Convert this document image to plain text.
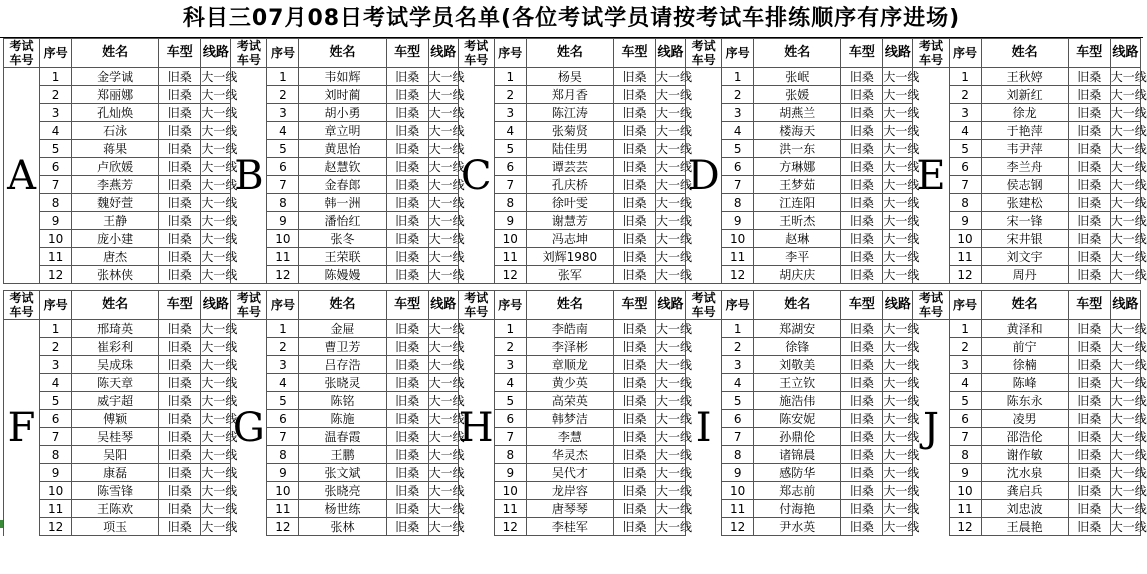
科目三07月08日考试学员名单(各位考试学员请按考试车排练顺序有序进场)
考试车号	序号	姓名	车型	线路	考试车号	序号	姓名	车型	线路	考试车号	序号	姓名	车型	线路	考试车号	序号	姓名	车型	线路	考试车号	序号	姓名	车型	线路
A	1	金学诚	旧桑	大一线	B	1	韦如辉	旧桑	大一线	C	1	杨昊	旧桑	大一线	D	1	张岷	旧桑	大一线	E	1	王秋婷	旧桑	大一线
	2	郑丽娜	旧桑	大一线		2	刘时蔺	旧桑	大一线		2	郑月香	旧桑	大一线		2	张媛	旧桑	大一线		2	刘新红	旧桑	大一线
	3	孔灿焕	旧桑	大一线		3	胡小勇	旧桑	大一线		3	陈江涛	旧桑	大一线		3	胡燕兰	旧桑	大一线		3	徐龙	旧桑	大一线
	4	石泳	旧桑	大一线		4	章立明	旧桑	大一线		4	张菊贤	旧桑	大一线		4	楼海天	旧桑	大一线		4	于艳萍	旧桑	大一线
	5	蒋果	旧桑	大一线		5	黄思怡	旧桑	大一线		5	陆佳男	旧桑	大一线		5	洪一东	旧桑	大一线		5	韦尹萍	旧桑	大一线
	6	卢欣媛	旧桑	大一线		6	赵慧钦	旧桑	大一线		6	谭芸芸	旧桑	大一线		6	方琳娜	旧桑	大一线		6	李兰舟	旧桑	大一线
	7	李燕芳	旧桑	大一线		7	金春郎	旧桑	大一线		7	孔庆桥	旧桑	大一线		7	王梦茹	旧桑	大一线		7	侯志钢	旧桑	大一线
	8	魏妤萱	旧桑	大一线		8	韩一洲	旧桑	大一线		8	徐叶雯	旧桑	大一线		8	江连阳	旧桑	大一线		8	张建松	旧桑	大一线
	9	王静	旧桑	大一线		9	潘怡红	旧桑	大一线		9	谢慧芳	旧桑	大一线		9	王昕杰	旧桑	大一线		9	宋一锋	旧桑	大一线
	10	庞小建	旧桑	大一线		10	张冬	旧桑	大一线		10	冯志坤	旧桑	大一线		10	赵琳	旧桑	大一线		10	宋井银	旧桑	大一线
	11	唐杰	旧桑	大一线		11	王荣联	旧桑	大一线		11	刘辉1980	旧桑	大一线		11	李平	旧桑	大一线		11	刘文宇	旧桑	大一线
	12	张林侠	旧桑	大一线		12	陈嫚嫚	旧桑	大一线		12	张军	旧桑	大一线		12	胡庆庆	旧桑	大一线		12	周丹	旧桑	大一线

考试车号	序号	姓名	车型	线路	考试车号	序号	姓名	车型	线路	考试车号	序号	姓名	车型	线路	考试车号	序号	姓名	车型	线路	考试车号	序号	姓名	车型	线路
F	1	邢琦英	旧桑	大一线	G	1	金屉	旧桑	大一线	H	1	李皓南	旧桑	大一线	I	1	郑湖安	旧桑	大一线	J	1	黄泽和	旧桑	大一线
	2	崔彩利	旧桑	大一线		2	曹卫芳	旧桑	大一线		2	李泽彬	旧桑	大一线		2	徐锋	旧桑	大一线		2	前宁	旧桑	大一线
	3	吴成珠	旧桑	大一线		3	吕存浩	旧桑	大一线		3	章顺龙	旧桑	大一线		3	刘敬美	旧桑	大一线		3	徐楠	旧桑	大一线
	4	陈天章	旧桑	大一线		4	张晓灵	旧桑	大一线		4	黄少英	旧桑	大一线		4	王立钦	旧桑	大一线		4	陈峰	旧桑	大一线
	5	威宇超	旧桑	大一线		5	陈铭	旧桑	大一线		5	高荣英	旧桑	大一线		5	施浩伟	旧桑	大一线		5	陈东永	旧桑	大一线
	6	傅颖	旧桑	大一线		6	陈施	旧桑	大一线		6	韩梦洁	旧桑	大一线		6	陈安妮	旧桑	大一线		6	凌男	旧桑	大一线
	7	吴桂琴	旧桑	大一线		7	温春霞	旧桑	大一线		7	李慧	旧桑	大一线		7	孙鼎伦	旧桑	大一线		7	邵浩伦	旧桑	大一线
	8	吴阳	旧桑	大一线		8	王鹏	旧桑	大一线		8	华灵杰	旧桑	大一线		8	诸锦晨	旧桑	大一线		8	谢作敏	旧桑	大一线
	9	康磊	旧桑	大一线		9	张文斌	旧桑	大一线		9	吴代才	旧桑	大一线		9	感防华	旧桑	大一线		9	沈水泉	旧桑	大一线
	10	陈雪锋	旧桑	大一线		10	张晓亮	旧桑	大一线		10	龙岸容	旧桑	大一线		10	郑志前	旧桑	大一线		10	龚启兵	旧桑	大一线
	11	王陈欢	旧桑	大一线		11	杨世练	旧桑	大一线		11	唐琴琴	旧桑	大一线		11	付海艳	旧桑	大一线		11	刘忠波	旧桑	大一线
	12	项玉	旧桑	大一线		12	张林	旧桑	大一线		12	李桂军	旧桑	大一线		12	尹水英	旧桑	大一线		12	王晨艳	旧桑	大一线
